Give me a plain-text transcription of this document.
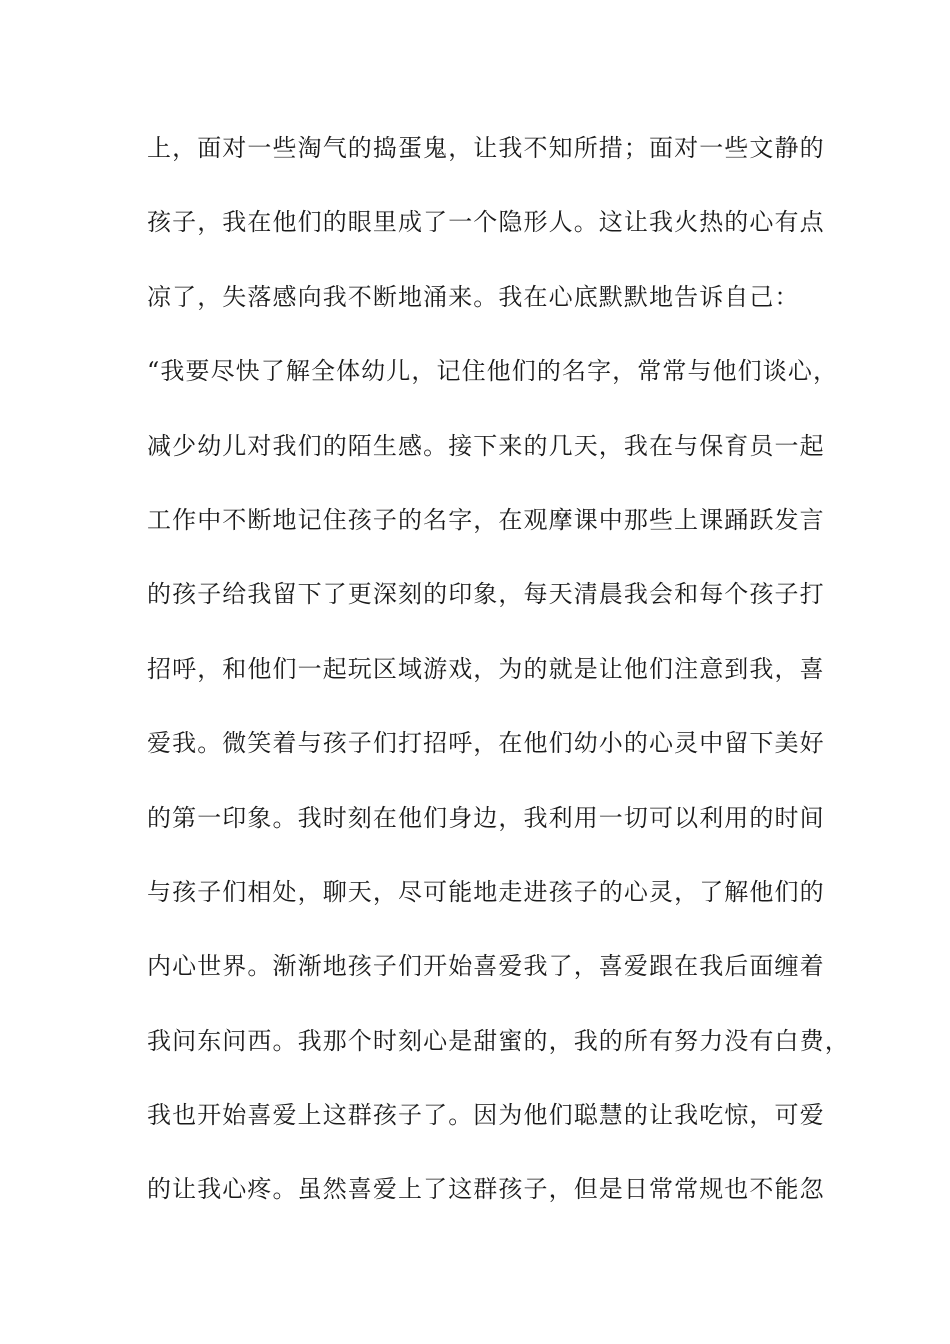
上，面对一些淘气的捣蛋鬼，让我不知所措；面对一些文静的
孩子，我在他们的眼里成了一个隐形人。这让我火热的心有点
凉了，失落感向我不断地涌来。我在心底默默地告诉自己：
“我要尽快了解全体幼儿，记住他们的名字，常常与他们谈心，
减少幼儿对我们的陌生感。接下来的几天，我在与保育员一起
工作中不断地记住孩子的名字，在观摩课中那些上课踊跃发言
的孩子给我留下了更深刻的印象，每天清晨我会和每个孩子打
招呼，和他们一起玩区域游戏，为的就是让他们注意到我，喜
爱我。微笑着与孩子们打招呼，在他们幼小的心灵中留下美好
的第一印象。我时刻在他们身边，我利用一切可以利用的时间
与孩子们相处，聊天，尽可能地走进孩子的心灵，了解他们的
内心世界。渐渐地孩子们开始喜爱我了，喜爱跟在我后面缠着
我问东问西。我那个时刻心是甜蜜的，我的所有努力没有白费，
我也开始喜爱上这群孩子了。因为他们聪慧的让我吃惊，可爱
的让我心疼。虽然喜爱上了这群孩子，但是日常常规也不能忽
